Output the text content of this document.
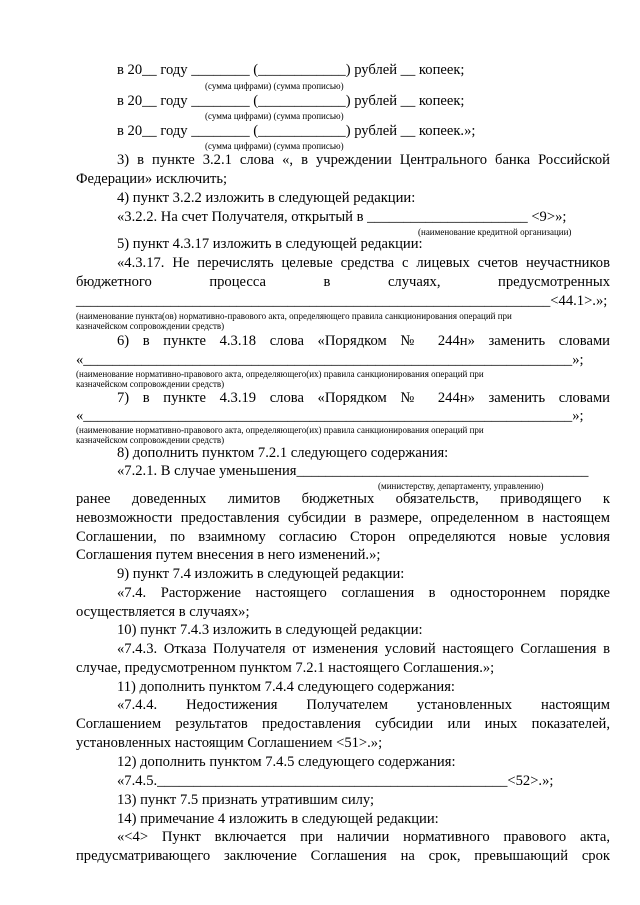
в 20__ году ________ (____________) рублей __ копеек;
(сумма цифрами) (сумма прописью)
в 20__ году ________ (____________) рублей __ копеек;
(сумма цифрами) (сумма прописью)
в 20__ году ________ (____________) рублей __ копеек.»;
(сумма цифрами) (сумма прописью)
3) в пункте 3.2.1 слова «, в учреждении Центрального банка Российской
Федерации» исключить;
4) пункт 3.2.2 изложить в следующей редакции:
«3.2.2. На счет Получателя, открытый в ______________________ <9>»;
(наименование кредитной организации)
5) пункт 4.3.17 изложить в следующей редакции:
«4.3.17. Не перечислять целевые средства с лицевых счетов неучастников
бюджетного процесса в случаях, предусмотренных
_________________________________________________________________<44.1>.»;
(наименование пункта(ов) нормативно-правового акта, определяющего правила санкционирования операций при
казначейском сопровождении средств)
6) в пункте 4.3.18 слова «Порядком № 244н» заменить словами
«___________________________________________________________________»;
(наименование нормативно-правового акта, определяющего(их) правила санкционирования операций при
казначейском сопровождении средств)
7) в пункте 4.3.19 слова «Порядком № 244н» заменить словами
«___________________________________________________________________»;
(наименование нормативно-правового акта, определяющего(их) правила санкционирования операций при
казначейском сопровождении средств)
8) дополнить пунктом 7.2.1 следующего содержания:
«7.2.1. В случае уменьшения________________________________________
(министерству, департаменту, управлению)
ранее доведенных лимитов бюджетных обязательств, приводящего к
невозможности предоставления субсидии в размере, определенном в настоящем
Соглашении, по взаимному согласию Сторон определяются новые условия
Соглашения путем внесения в него изменений.»;
9) пункт 7.4 изложить в следующей редакции:
«7.4. Расторжение настоящего соглашения в одностороннем порядке
осуществляется в случаях»;
10) пункт 7.4.3 изложить в следующей редакции:
«7.4.3. Отказа Получателя от изменения условий настоящего Соглашения в
случае, предусмотренном пунктом 7.2.1 настоящего Соглашения.»;
11) дополнить пунктом 7.4.4 следующего содержания:
«7.4.4. Недостижения Получателем установленных настоящим
Соглашением результатов предоставления субсидии или иных показателей,
установленных настоящим Соглашением <51>.»;
12) дополнить пунктом 7.4.5 следующего содержания:
«7.4.5.________________________________________________<52>.»;
13) пункт 7.5 признать утратившим силу;
14) примечание 4 изложить в следующей редакции:
«<4> Пункт включается при наличии нормативного правового акта,
предусматривающего заключение Соглашения на срок, превышающий срок
